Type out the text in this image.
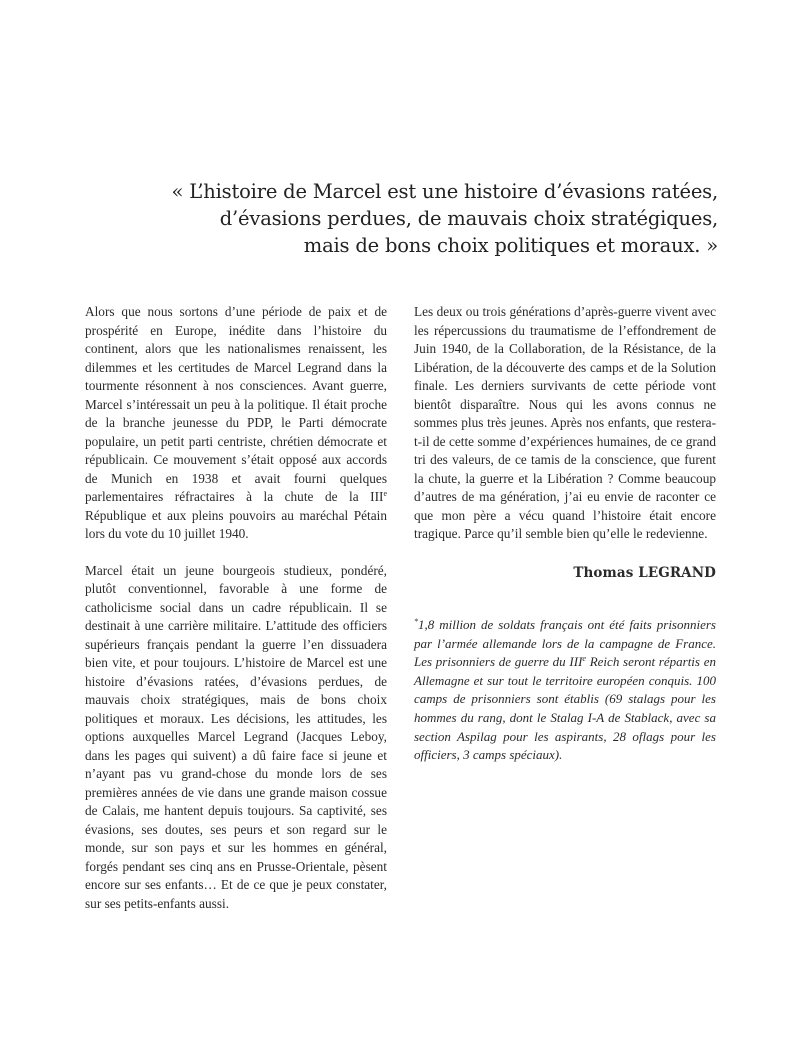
« L’histoire de Marcel est une histoire d’évasions ratées,
d’évasions perdues, de mauvais choix stratégiques,
mais de bons choix politiques et moraux. »

Alors que nous sortons d’une période de paix et de prospérité en Europe, inédite dans l’histoire du continent, alors que les nationalismes renaissent, les dilemmes et les certitudes de Marcel Legrand dans la tourmente résonnent à nos consciences. Avant guerre, Marcel s’intéressait un peu à la politique. Il était proche de la branche jeunesse du PDP, le Parti démocrate populaire, un petit parti centriste, chrétien démocrate et républicain. Ce mouvement s’était opposé aux accords de Munich en 1938 et avait fourni quelques parlementaires réfractaires à la chute de la IIIe République et aux pleins pouvoirs au maréchal Pétain lors du vote du 10 juillet 1940.

Marcel était un jeune bourgeois studieux, pondéré, plutôt conventionnel, favorable à une forme de catholicisme social dans un cadre républicain. Il se destinait à une carrière militaire. L’attitude des officiers supérieurs français pendant la guerre l’en dissuadera bien vite, et pour toujours. L’histoire de Marcel est une histoire d’évasions ratées, d’évasions perdues, de mauvais choix stratégiques, mais de bons choix politiques et moraux. Les décisions, les attitudes, les options auxquelles Marcel Legrand (Jacques Leboy, dans les pages qui suivent) a dû faire face si jeune et n’ayant pas vu grand-chose du monde lors de ses premières années de vie dans une grande maison cossue de Calais, me hantent depuis toujours. Sa captivité, ses évasions, ses doutes, ses peurs et son regard sur le monde, sur son pays et sur les hommes en général, forgés pendant ses cinq ans en Prusse-Orientale, pèsent encore sur ses enfants… Et de ce que je peux constater, sur ses petits-enfants aussi.

Les deux ou trois générations d’après-guerre vivent avec les répercussions du traumatisme de l’effondrement de Juin 1940, de la Collaboration, de la Résistance, de la Libération, de la découverte des camps et de la Solution finale. Les derniers survivants de cette période vont bientôt disparaître. Nous qui les avons connus ne sommes plus très jeunes. Après nos enfants, que restera-t-il de cette somme d’expériences humaines, de ce grand tri des valeurs, de ce tamis de la conscience, que furent la chute, la guerre et la Libération ? Comme beaucoup d’autres de ma génération, j’ai eu envie de raconter ce que mon père a vécu quand l’histoire était encore tragique. Parce qu’il semble bien qu’elle le redevienne.

Thomas LEGRAND
*1,8 million de soldats français ont été faits prisonniers par l’armée allemande lors de la campagne de France. Les prisonniers de guerre du IIIe Reich seront répartis en Allemagne et sur tout le territoire européen conquis. 100 camps de prisonniers sont établis (69 stalags pour les hommes du rang, dont le Stalag I-A de Stablack, avec sa section Aspilag pour les aspirants, 28 oflags pour les officiers, 3 camps spéciaux).
